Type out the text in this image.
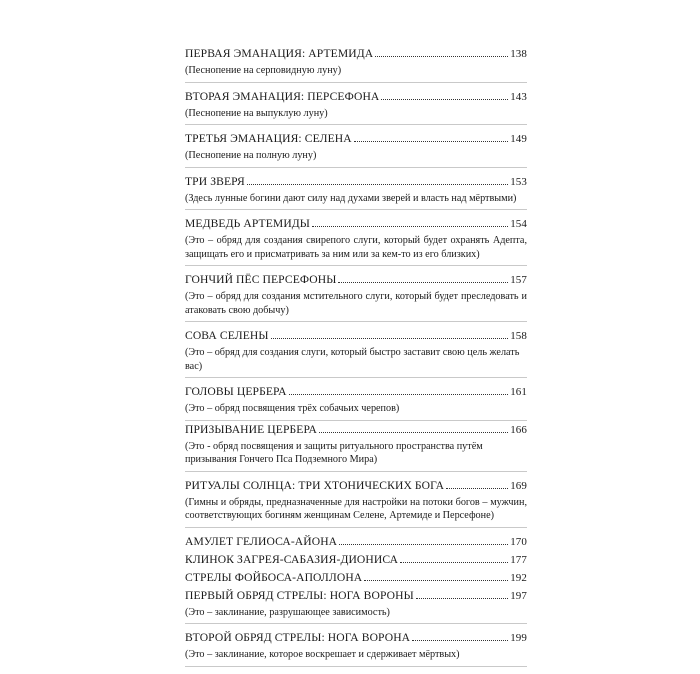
ПЕРВАЯ ЭМАНАЦИЯ: АРТЕМИДА	138
(Песнопение на серповидную луну)
ВТОРАЯ ЭМАНАЦИЯ: ПЕРСЕФОНА	143
(Песнопение на выпуклую луну)
ТРЕТЬЯ ЭМАНАЦИЯ: СЕЛЕНА	149
(Песнопение на полную луну)
ТРИ ЗВЕРЯ	153
(Здесь лунные богини дают силу над духами зверей и власть над мёртвыми)
МЕДВЕДЬ АРТЕМИДЫ	154
(Это – обряд для создания свирепого слуги, который будет охранять Адепта, защищать его и присматривать за ним или за кем-то из его близких)
ГОНЧИЙ ПЁС ПЕРСЕФОНЫ	157
(Это – обряд для создания мстительного слуги, который будет преследовать и атаковать свою добычу)
СОВА СЕЛЕНЫ	158
(Это – обряд для создания слуги, который быстро заставит свою цель желать вас)
ГОЛОВЫ ЦЕРБЕРА	161
(Это – обряд посвящения трёх собачьих черепов)
ПРИЗЫВАНИЕ ЦЕРБЕРА	166
(Это - обряд посвящения и защиты ритуального пространства путём призывания Гончего Пса Подземного Мира)
РИТУАЛЫ СОЛНЦА: ТРИ ХТОНИЧЕСКИХ БОГА	169
(Гимны и обряды, предназначенные для настройки на потоки богов – мужчин, соответствующих богиням женщинам Селене, Артемиде и Персефоне)
АМУЛЕТ ГЕЛИОСА-АЙОНА	170
КЛИНОК ЗАГРЕЯ-САБАЗИЯ-ДИОНИСА	177
СТРЕЛЫ ФОЙБОСА-АПОЛЛОНА	192
ПЕРВЫЙ ОБРЯД СТРЕЛЫ: НОГА ВОРОНЫ	197
(Это – заклинание, разрушающее зависимость)
ВТОРОЙ ОБРЯД СТРЕЛЫ: НОГА ВОРОНА	199
(Это – заклинание, которое воскрешает и сдерживает мёртвых)
